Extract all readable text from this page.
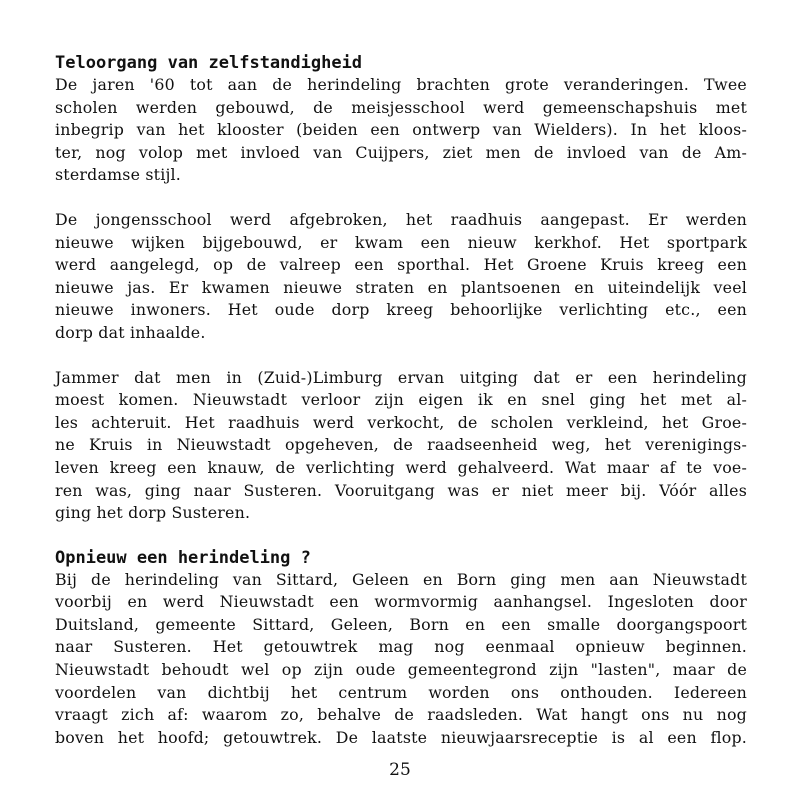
Teloorgang van zelfstandigheid

De jaren '60 tot aan de herindeling brachten grote veranderingen. Twee
scholen werden gebouwd, de meisjesschool werd gemeenschapshuis met
inbegrip van het klooster (beiden een ontwerp van Wielders). In het kloos-
ter, nog volop met invloed van Cuijpers, ziet men de invloed van de Am-
sterdamse stijl.

De jongensschool werd afgebroken, het raadhuis aangepast. Er werden
nieuwe wijken bijgebouwd, er kwam een nieuw kerkhof. Het sportpark
werd aangelegd, op de valreep een sporthal. Het Groene Kruis kreeg een
nieuwe jas. Er kwamen nieuwe straten en plantsoenen en uiteindelijk veel
nieuwe inwoners. Het oude dorp kreeg behoorlijke verlichting etc., een
dorp dat inhaalde.

Jammer dat men in (Zuid-)Limburg ervan uitging dat er een herindeling
moest komen. Nieuwstadt verloor zijn eigen ik en snel ging het met al-
les achteruit. Het raadhuis werd verkocht, de scholen verkleind, het Groe-
ne Kruis in Nieuwstadt opgeheven, de raadseenheid weg, het verenigings-
leven kreeg een knauw, de verlichting werd gehalveerd. Wat maar af te voe-
ren was, ging naar Susteren. Vooruitgang was er niet meer bij. Vóór alles
ging het dorp Susteren.

Opnieuw een herindeling ?

Bij de herindeling van Sittard, Geleen en Born ging men aan Nieuwstadt
voorbij en werd Nieuwstadt een wormvormig aanhangsel. Ingesloten door
Duitsland, gemeente Sittard, Geleen, Born en een smalle doorgangspoort
naar Susteren. Het getouwtrek mag nog eenmaal opnieuw beginnen.
Nieuwstadt behoudt wel op zijn oude gemeentegrond zijn "lasten", maar de
voordelen van dichtbij het centrum worden ons onthouden. Iedereen
vraagt zich af: waarom zo, behalve de raadsleden. Wat hangt ons nu nog
boven het hoofd; getouwtrek. De laatste nieuwjaarsreceptie is al een flop.

25
